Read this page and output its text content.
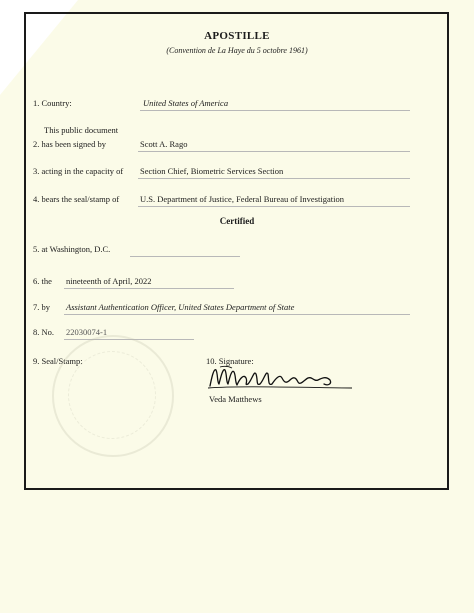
APOSTILLE
(Convention de La Haye du 5 octobre 1961)
1. Country:	United States of America
This public document
2. has been signed by	Scott A. Rago
3. acting in the capacity of Section Chief, Biometric Services Section
4. bears the seal/stamp of U.S. Department of Justice, Federal Bureau of Investigation
Certified
5. at Washington, D.C.
6. the nineteenth of April, 2022
7. by Assistant Authentication Officer, United States Department of State
8. No. 22030074-1
9. Seal/Stamp:	10. Signature:
Veda Matthews
